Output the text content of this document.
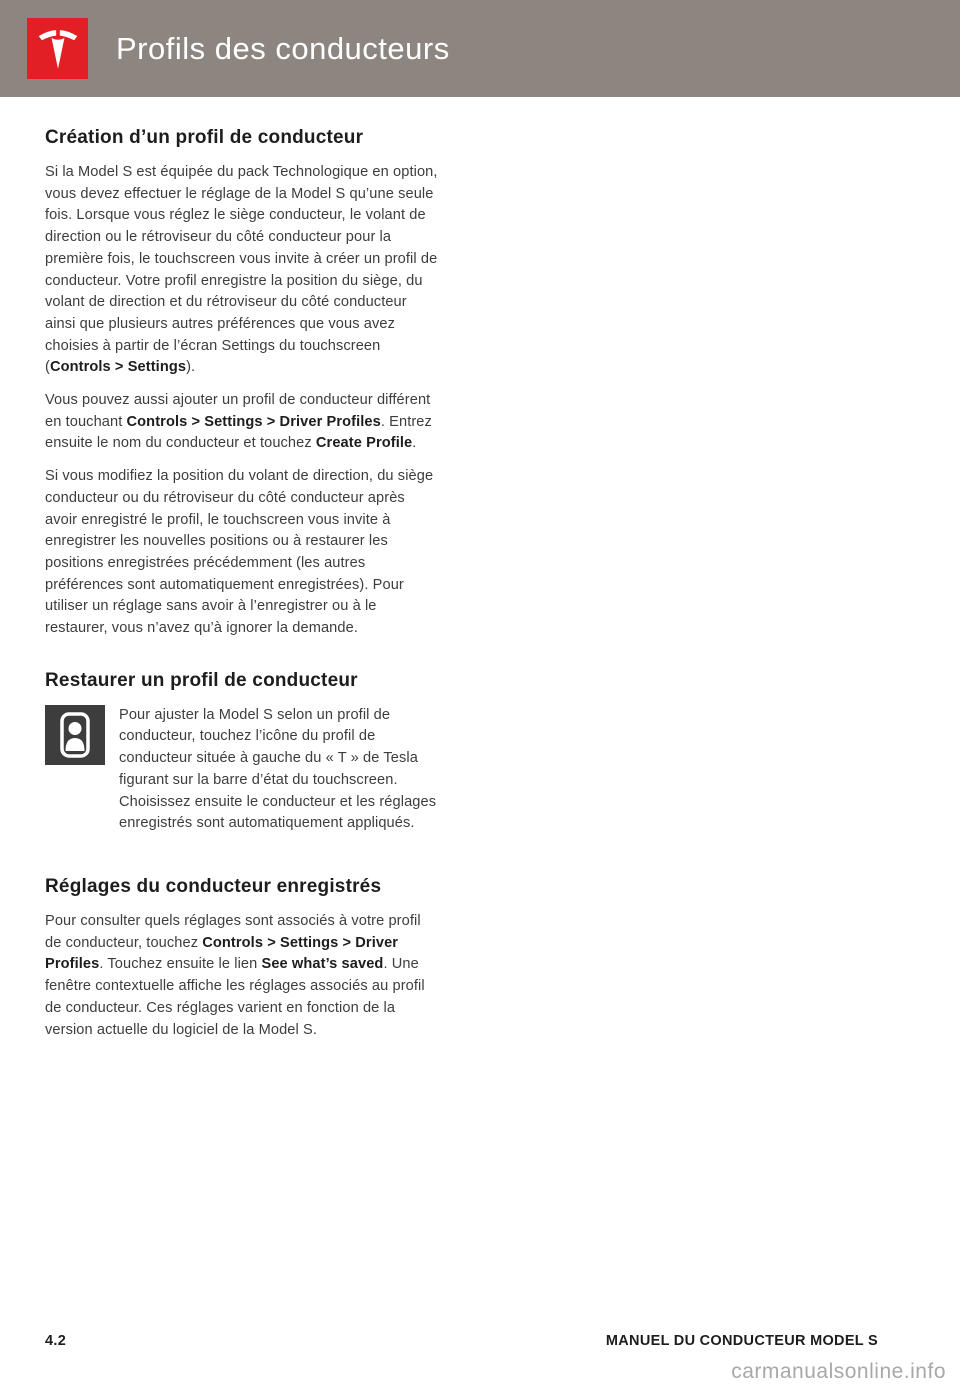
Profils des conducteurs
Création d’un profil de conducteur

Si la Model S est équipée du pack Technologique en option, vous devez effectuer le réglage de la Model S qu’une seule fois. Lorsque vous réglez le siège conducteur, le volant de direction ou le rétroviseur du côté conducteur pour la première fois, le touchscreen vous invite à créer un profil de conducteur. Votre profil enregistre la position du siège, du volant de direction et du rétroviseur du côté conducteur ainsi que plusieurs autres préférences que vous avez choisies à partir de l’écran Settings du touchscreen (Controls > Settings).

Vous pouvez aussi ajouter un profil de conducteur différent en touchant Controls > Settings > Driver Profiles. Entrez ensuite le nom du conducteur et touchez Create Profile.

Si vous modifiez la position du volant de direction, du siège conducteur ou du rétroviseur du côté conducteur après avoir enregistré le profil, le touchscreen vous invite à enregistrer les nouvelles positions ou à restaurer les positions enregistrées précédemment (les autres préférences sont automatiquement enregistrées). Pour utiliser un réglage sans avoir à l’enregistrer ou à le restaurer, vous n’avez qu’à ignorer la demande.

Restaurer un profil de conducteur

Pour ajuster la Model S selon un profil de conducteur, touchez l’icône du profil de conducteur située à gauche du « T » de Tesla figurant sur la barre d’état du touchscreen. Choisissez ensuite le conducteur et les réglages enregistrés sont automatiquement appliqués.

Réglages du conducteur enregistrés

Pour consulter quels réglages sont associés à votre profil de conducteur, touchez Controls > Settings > Driver Profiles. Touchez ensuite le lien See what’s saved. Une fenêtre contextuelle affiche les réglages associés au profil de conducteur. Ces réglages varient en fonction de la version actuelle du logiciel de la Model S.

4.2	MANUEL DU CONDUCTEUR MODEL S
carmanualsonline.info
